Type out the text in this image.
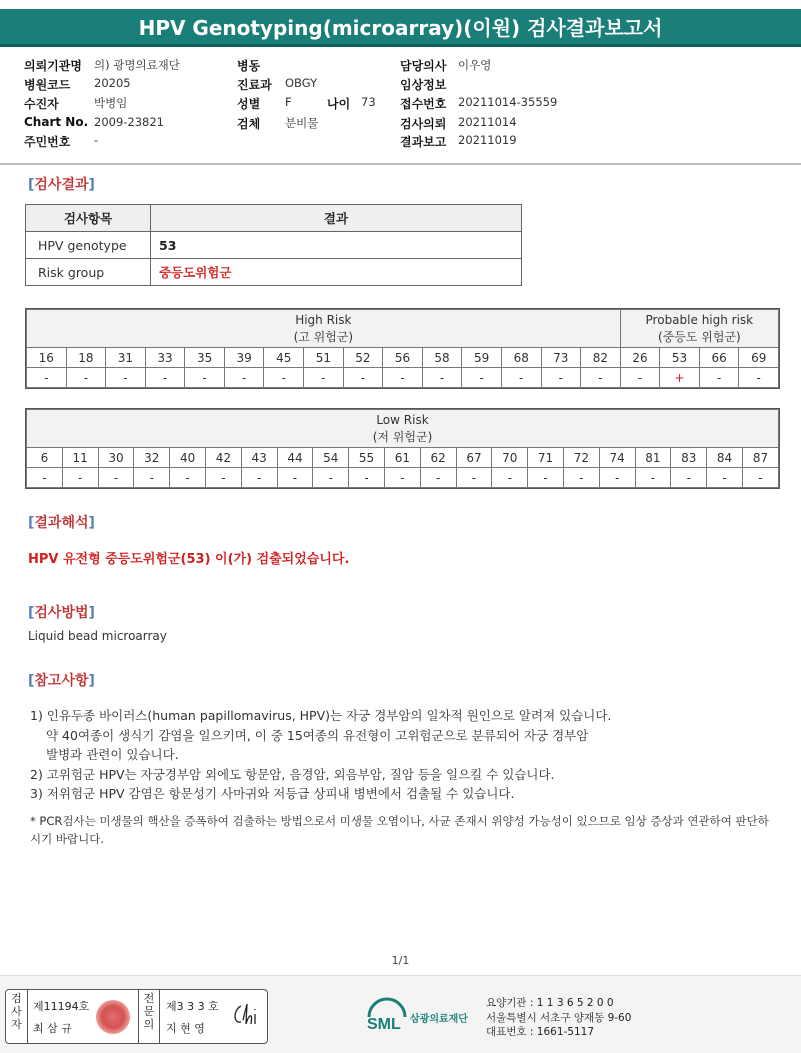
HPV Genotyping(microarray)(이원) 검사결과보고서
의뢰기관명 의) 광명의료재단
병원코드 20205
수진자	박병임
Chart No. 2009-23821
주민번호 -
병동
진료과 OBGY
성별 F	나이 73
검체 분비물
담당의사 이우영
임상정보
접수번호 20211014-35559
검사의뢰 20211014
결과보고 20211019
[검사결과]
검사항목	결과
HPV genotype	53
Risk group	중등도위험군
High Risk
(고 위험군)															Probable high risk
(중등도 위험군)			
16	18	31	33	35	39	45	51	52	56	58	59	68	73	82	26	53	66	69
-	-	-	-	-	-	-	-	-	-	-	-	-	-	-	-	+	-	-
Low Risk
(저 위험군)																				
6	11	30	32	40	42	43	44	54	55	61	62	67	70	71	72	74	81	83	84	87
-	-	-	-	-	-	-	-	-	-	-	-	-	-	-	-	-	-	-	-	-
[결과해석]
HPV 유전형 중등도위험군(53) 이(가) 검출되었습니다.
[검사방법]
Liquid bead microarray
[참고사항]
1) 인유두종 바이러스(human papillomavirus, HPV)는 자궁 경부암의 일차적 원인으로 알려져 있습니다.
약 40여종이 생식기 감염을 일으키며, 이 중 15여종의 유전형이 고위험군으로 분류되어 자궁 경부암
발병과 관련이 있습니다.
2) 고위험군 HPV는 자궁경부암 외에도 항문암, 음경암, 외음부암, 질암 등을 일으킬 수 있습니다.
3) 저위험군 HPV 감염은 항문성기 사마귀와 저등급 상피내 병변에서 검출될 수 있습니다.
* PCR검사는 미생물의 핵산을 증폭하여 검출하는 방법으로서 미생물 오염이나, 사균 존재시 위양성 가능성이 있으므로 임상 증상과 연관하여 판단하시기 바랍니다.
1/1
검
사
자
제11194호
최 삼 규
전
문
의
제3 3 3 호
지 현 영	SML 삼광의료재단
요양기관 : 1 1 3 6 5 2 0 0
서울특별시 서초구 양재동 9-60
대표번호 : 1661-5117
